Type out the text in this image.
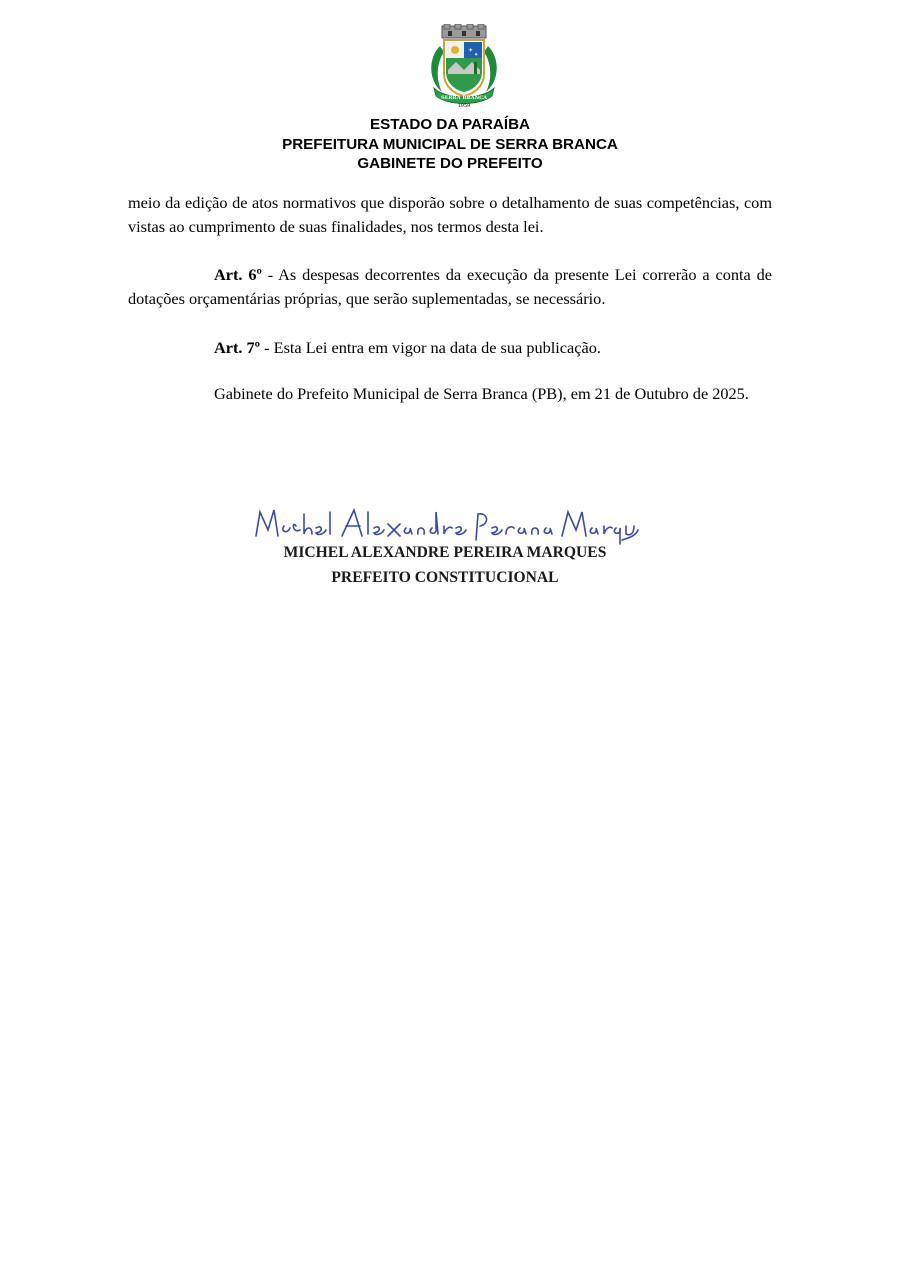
✦
✦
SERRA BRANCA
1959
ESTADO DA PARAÍBA
PREFEITURA MUNICIPAL DE SERRA BRANCA
GABINETE DO PREFEITO
meio da edição de atos normativos que disporão sobre o detalhamento de suas competências, com vistas ao cumprimento de suas finalidades, nos termos desta lei.
Art. 6º - As despesas decorrentes da execução da presente Lei correrão a conta de dotações orçamentárias próprias, que serão suplementadas, se necessário.
Art. 7º - Esta Lei entra em vigor na data de sua publicação.
Gabinete do Prefeito Municipal de Serra Branca (PB), em 21 de Outubro de 2025.
MICHEL ALEXANDRE PEREIRA MARQUES
PREFEITO CONSTITUCIONAL
